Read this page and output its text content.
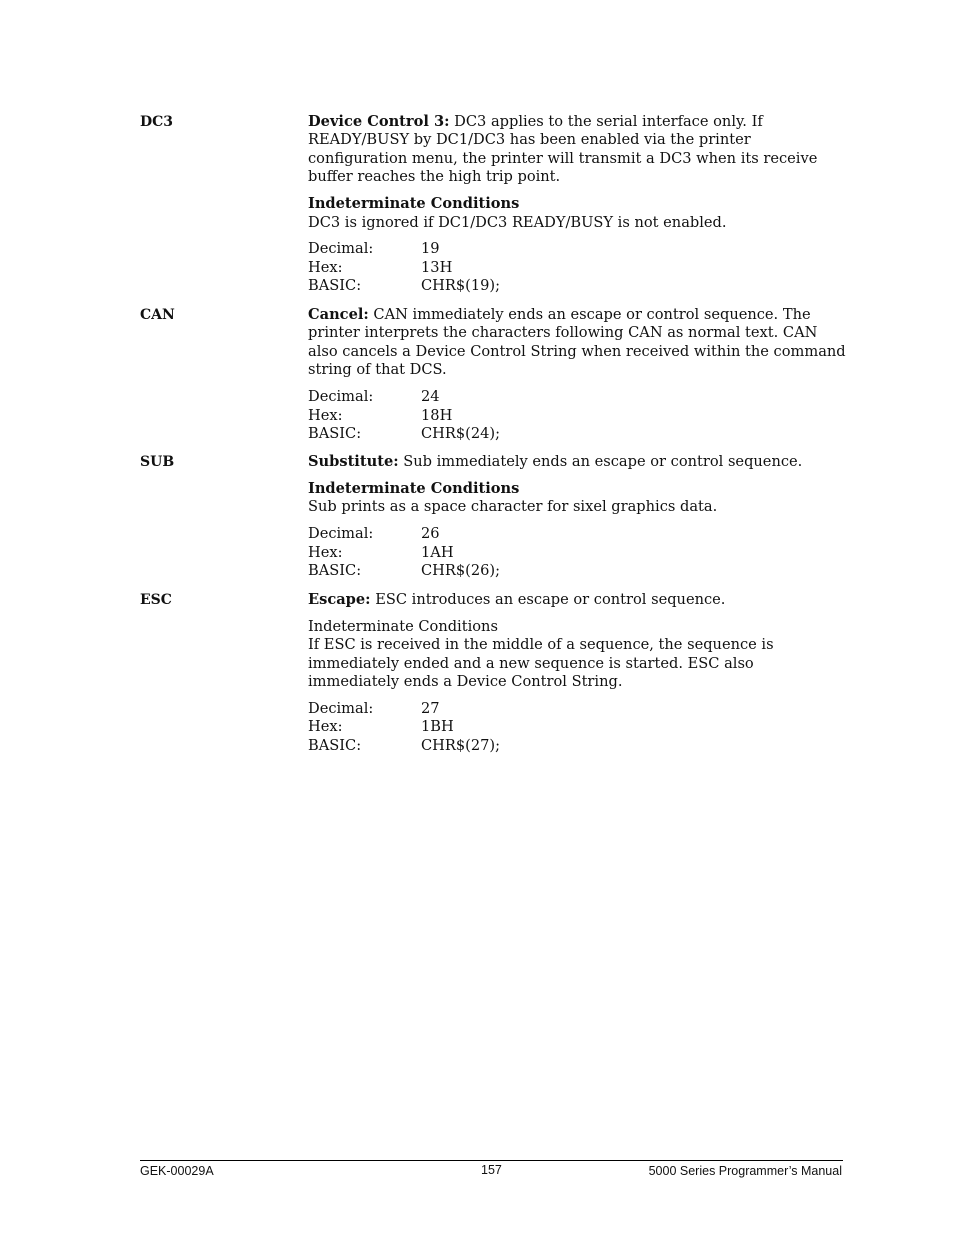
DC3	Device Control 3: DC3 applies to the serial interface only. If READY/BUSY by DC1/DC3 has been enabled via the printer configuration menu, the printer will transmit a DC3 when its receive buffer reaches the high trip point.

Indeterminate Conditions

DC3 is ignored if DC1/DC3 READY/BUSY is not enabled.

Decimal:	19
Hex:	13H
BASIC:	CHR$(19);
CAN	Cancel: CAN immediately ends an escape or control sequence. The printer interprets the characters following CAN as normal text. CAN also cancels a Device Control String when received within the command string of that DCS.

Decimal:	24
Hex:	18H
BASIC:	CHR$(24);
SUB	Substitute: Sub immediately ends an escape or control sequence.

Indeterminate Conditions

Sub prints as a space character for sixel graphics data.

Decimal:	26
Hex:	1AH
BASIC:	CHR$(26);
ESC	Escape: ESC introduces an escape or control sequence.

Indeterminate Conditions

If ESC is received in the middle of a sequence, the sequence is immediately ended and a new sequence is started. ESC also immediately ends a Device Control String.

Decimal:	27
Hex:	1BH
BASIC:	CHR$(27);
GEK-00029A	157	5000 Series Programmer’s Manual
